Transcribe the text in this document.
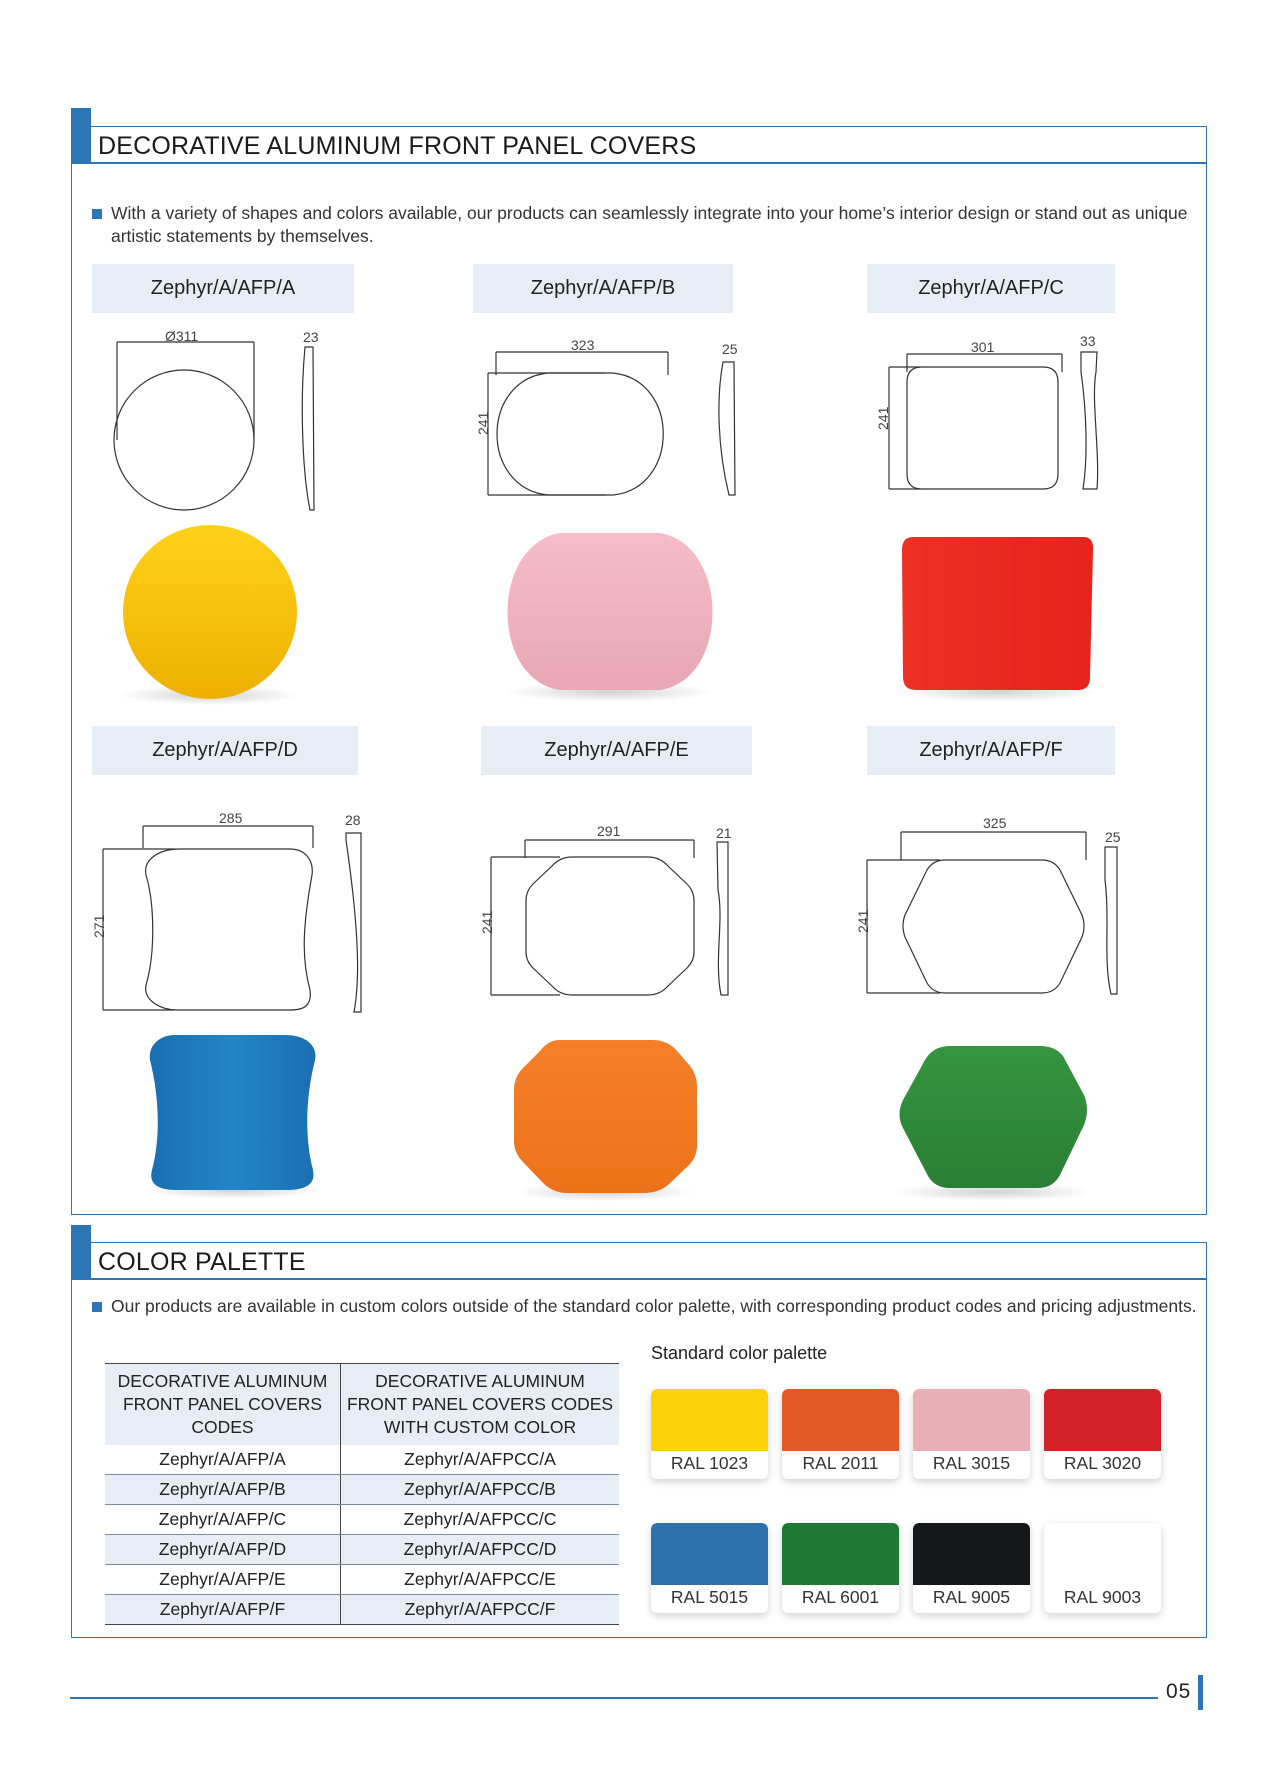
DECORATIVE ALUMINUM FRONT PANEL COVERS
With a variety of shapes and colors available, our products can seamlessly integrate into your home’s interior design or stand out as unique artistic statements by themselves.
Zephyr/A/AFP/A	Zephyr/A/AFP/B	Zephyr/A/AFP/C
Zephyr/A/AFP/D	Zephyr/A/AFP/E	Zephyr/A/AFP/F
Ø311	23	323	25
241
301	33
241
285	28
271
291	21
241
325
25
241
COLOR PALETTE
Our products are available in custom colors outside of the standard color palette, with corresponding product codes and pricing adjustments.
DECORATIVE ALUMINUM FRONT PANEL COVERS CODES	DECORATIVE ALUMINUM FRONT PANEL COVERS CODES WITH CUSTOM COLOR
Zephyr/A/AFP/A	Zephyr/A/AFPCC/A
Zephyr/A/AFP/B	Zephyr/A/AFPCC/B
Zephyr/A/AFP/C	Zephyr/A/AFPCC/C
Zephyr/A/AFP/D	Zephyr/A/AFPCC/D
Zephyr/A/AFP/E	Zephyr/A/AFPCC/E
Zephyr/A/AFP/F	Zephyr/A/AFPCC/F
Standard color palette
RAL 1023	RAL 2011	RAL 3015	RAL 3020
RAL 5015	RAL 6001	RAL 9005	RAL 9003
05
